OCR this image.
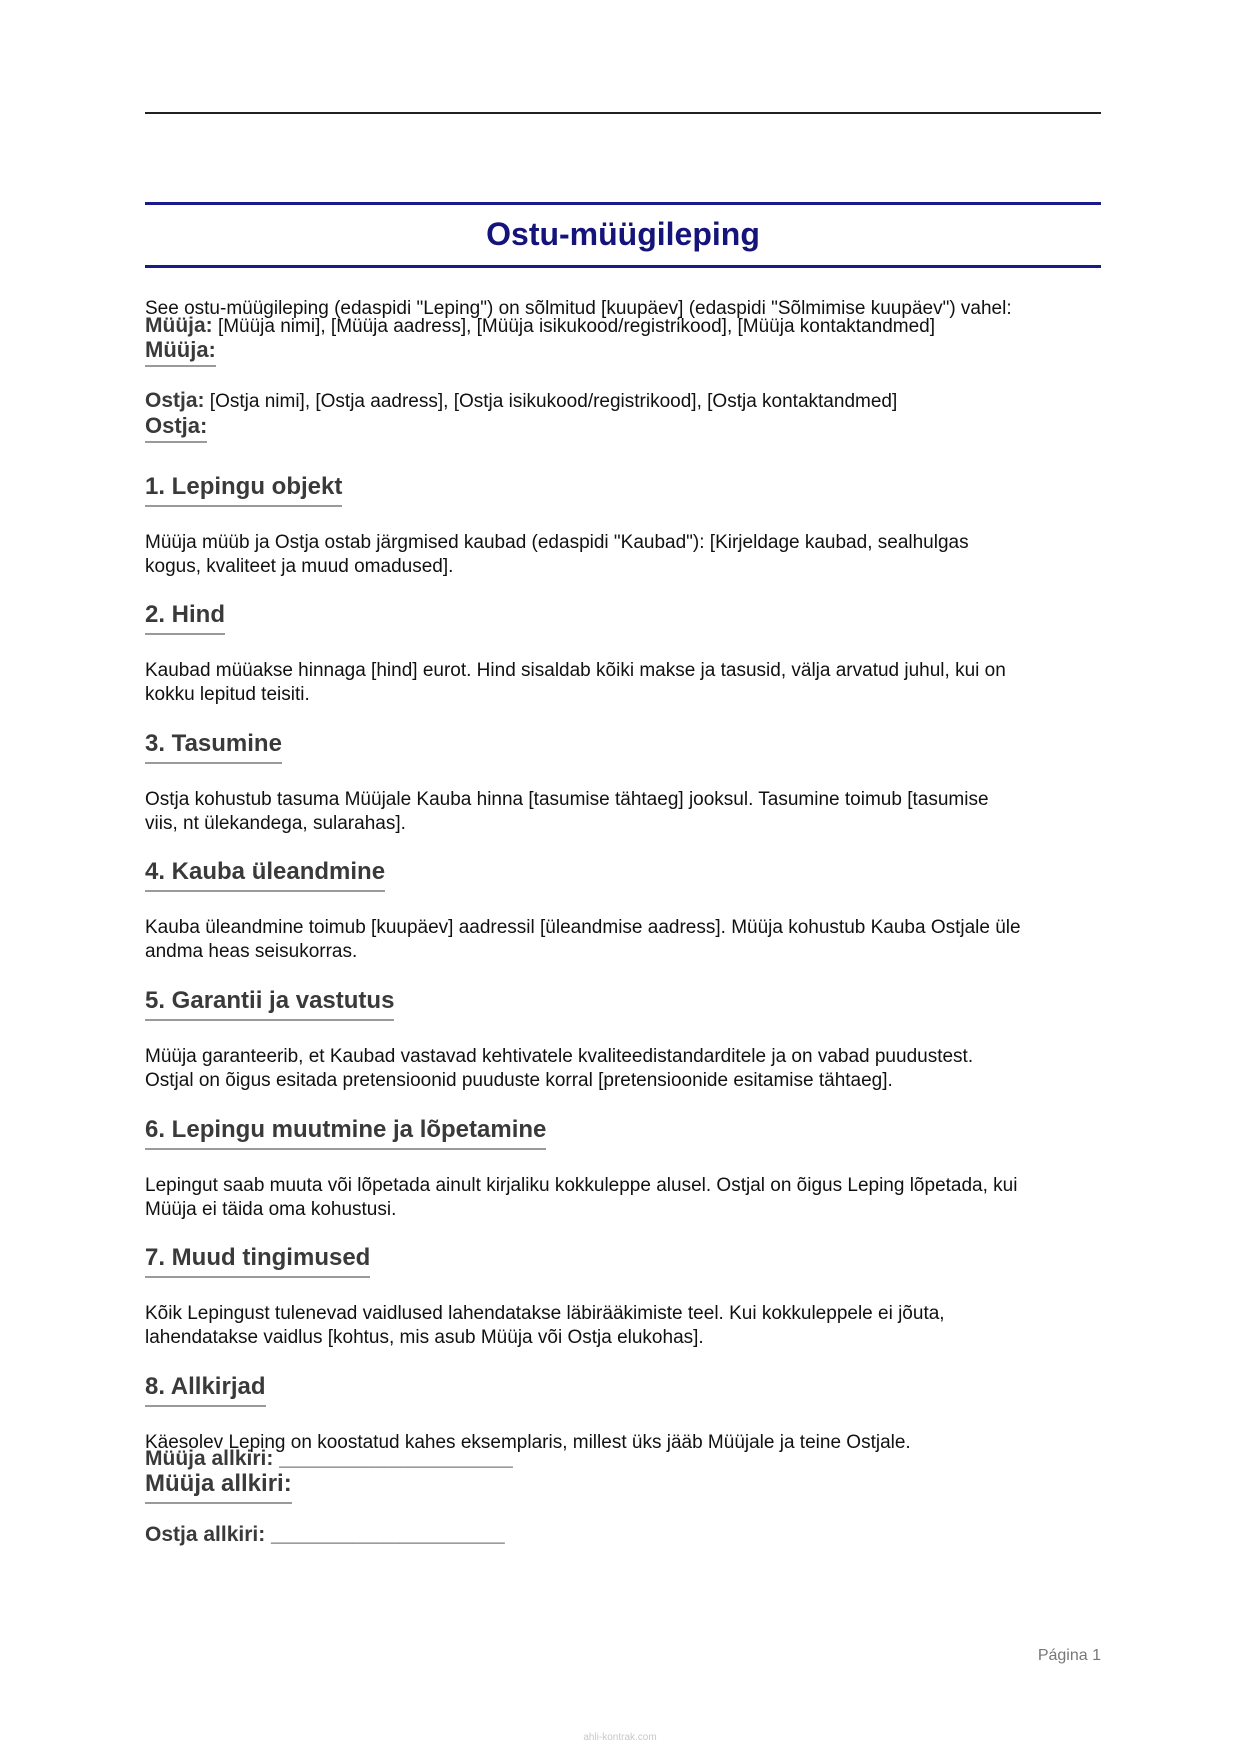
Ostu-müügileping
See ostu-müügileping (edaspidi "Leping") on sõlmitud [kuupäev] (edaspidi "Sõlmimise kuupäev") vahel:
Müüja: [Müüja nimi], [Müüja aadress], [Müüja isikukood/registrikood], [Müüja kontaktandmed]
Müüja:
Ostja: [Ostja nimi], [Ostja aadress], [Ostja isikukood/registrikood], [Ostja kontaktandmed]
Ostja:
1. Lepingu objekt
Müüja müüb ja Ostja ostab järgmised kaubad (edaspidi "Kaubad"): [Kirjeldage kaubad, sealhulgas
kogus, kvaliteet ja muud omadused].
2. Hind
Kaubad müüakse hinnaga [hind] eurot. Hind sisaldab kõiki makse ja tasusid, välja arvatud juhul, kui on
kokku lepitud teisiti.
3. Tasumine
Ostja kohustub tasuma Müüjale Kauba hinna [tasumise tähtaeg] jooksul. Tasumine toimub [tasumise
viis, nt ülekandega, sularahas].
4. Kauba üleandmine
Kauba üleandmine toimub [kuupäev] aadressil [üleandmise aadress]. Müüja kohustub Kauba Ostjale üle
andma heas seisukorras.
5. Garantii ja vastutus
Müüja garanteerib, et Kaubad vastavad kehtivatele kvaliteedistandarditele ja on vabad puudustest.
Ostjal on õigus esitada pretensioonid puuduste korral [pretensioonide esitamise tähtaeg].
6. Lepingu muutmine ja lõpetamine
Lepingut saab muuta või lõpetada ainult kirjaliku kokkuleppe alusel. Ostjal on õigus Leping lõpetada, kui
Müüja ei täida oma kohustusi.
7. Muud tingimused
Kõik Lepingust tulenevad vaidlused lahendatakse läbirääkimiste teel. Kui kokkuleppele ei jõuta,
lahendatakse vaidlus [kohtus, mis asub Müüja või Ostja elukohas].
8. Allkirjad
Käesolev Leping on koostatud kahes eksemplaris, millest üks jääb Müüjale ja teine Ostjale.
Müüja allkiri: ____________________
Müüja allkiri:
Ostja allkiri: ____________________
Página 1
ahli-kontrak.com
